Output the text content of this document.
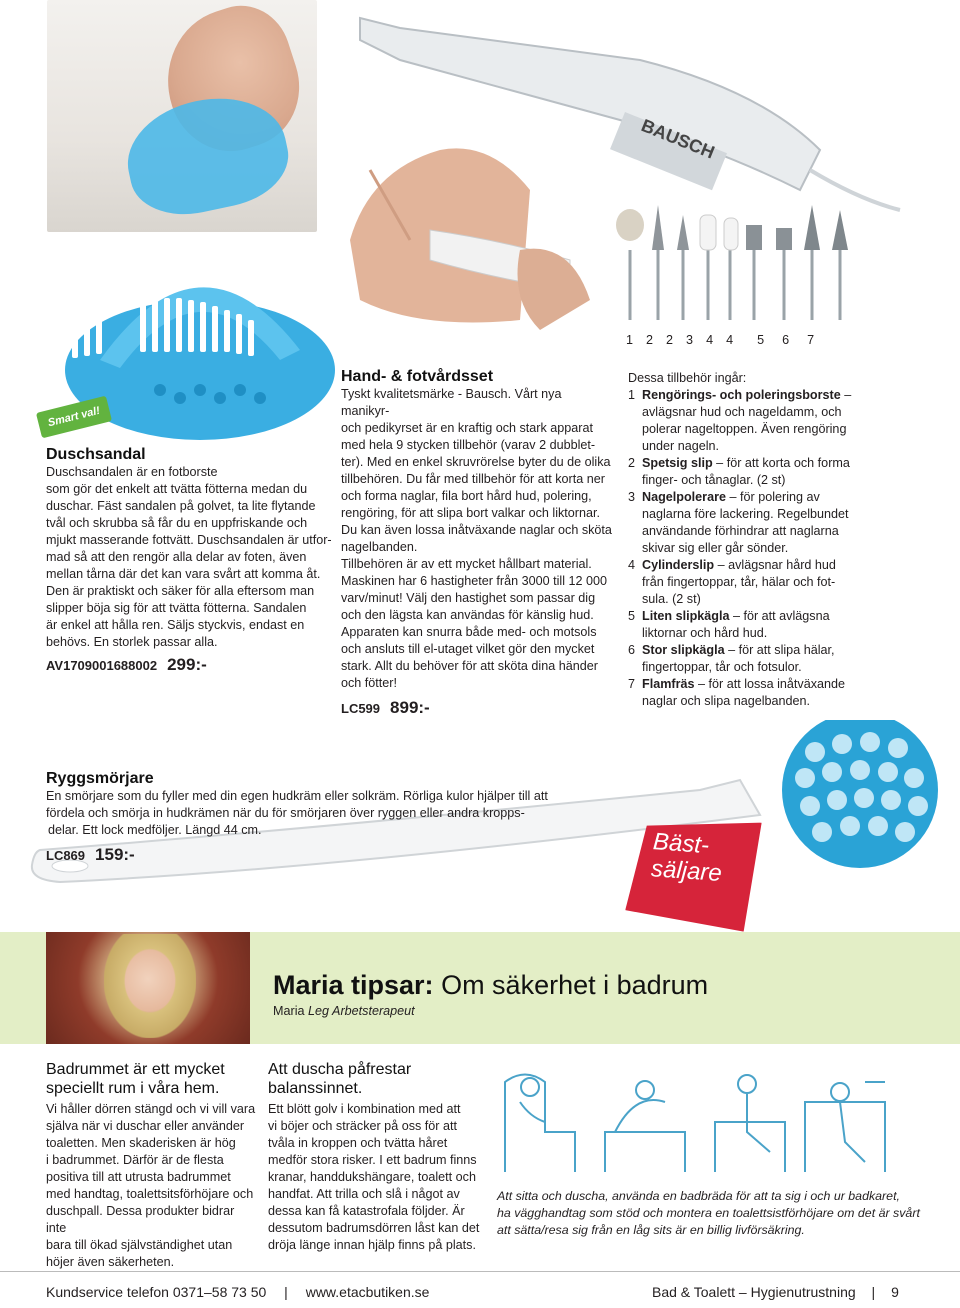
Smart val!
BAUSCH
1 2 2 3 4 4 5 6 7
Duschsandal
Duschsandalen är en fotborste
som gör det enkelt att tvätta fötterna medan du
duschar. Fäst sandalen på golvet, ta lite flytande
tvål och skrubba så får du en uppfriskande och
mjukt masserande fottvätt. Duschsandalen är utfor-
mad så att den rengör alla delar av foten, även
mellan tårna där det kan vara svårt att komma åt.
Den är praktiskt och säker för alla eftersom man
slipper böja sig för att tvätta fötterna. Sandalen
är enkel att hålla ren. Säljs styckvis, endast en
behövs. En storlek passar alla.
AV1709001688002 299:-
Hand- & fotvårdsset
Tyskt kvalitetsmärke - Bausch. Vårt nya manikyr-
och pedikyrset är en kraftig och stark apparat
med hela 9 stycken tillbehör (varav 2 dubblet-
ter). Med en enkel skruvrörelse byter du de olika
tillbehören. Du får med tillbehör för att korta ner
och forma naglar, fila bort hård hud, polering,
rengöring, för att slipa bort valkar och liktornar.
Du kan även lossa inåtväxande naglar och sköta
nagelbanden.
Tillbehören är av ett mycket hållbart material.
Maskinen har 6 hastigheter från 3000 till 12 000
varv/minut! Välj den hastighet som passar dig
och den lägsta kan användas för känslig hud.
Apparaten kan snurra både med- och motsols
och ansluts till el-utaget vilket gör den mycket
stark. Allt du behöver för att sköta dina händer
och fötter!
LC599 899:-
Dessa tillbehör ingår:
1 Rengörings- och poleringsborste –
avlägsnar hud och nageldamm, och
polerar nageltoppen. Även rengöring
under nageln.
2 Spetsig slip – för att korta och forma
finger- och tånaglar. (2 st)
3 Nagelpolerare – för polering av
naglarna före lackering. Regelbundet
användande förhindrar att naglarna
skivar sig eller går sönder.
4 Cylinderslip – avlägsnar hård hud
från fingertoppar, tår, hälar och fot-
sula. (2 st)
5 Liten slipkägla – för att avlägsna
liktornar och hård hud.
6 Stor slipkägla – för att slipa hälar,
fingertoppar, tår och fotsulor.
7 Flamfräs – för att lossa inåtväxande
naglar och slipa nagelbanden.
Bäst-
säljare
Ryggsmörjare
En smörjare som du fyller med din egen hudkräm eller solkräm. Rörliga kulor hjälper till att
fördela och smörja in hudkrämen när du för smörjaren över ryggen eller andra kropps-
delar. Ett lock medföljer. Längd 44 cm.
LC869 159:-
Maria tipsar: Om säkerhet i badrum
Maria Leg Arbetsterapeut
Badrummet är ett mycket
speciellt rum i våra hem.
Vi håller dörren stängd och vi vill vara
själva när vi duschar eller använder
toaletten. Men skaderisken är hög
i badrummet. Därför är de flesta
positiva till att utrusta badrummet
med handtag, toalettsitsförhöjare och
duschpall. Dessa produkter bidrar inte
bara till ökad självständighet utan
höjer även säkerheten.
Att duscha påfrestar
balanssinnet.
Ett blött golv i kombination med att
vi böjer och sträcker på oss för att
tvåla in kroppen och tvätta håret
medför stora risker. I ett badrum finns
kranar, handdukshängare, toalett och
handfat. Att trilla och slå i något av
dessa kan få katastrofala följder. Är
dessutom badrumsdörren låst kan det
dröja länge innan hjälp finns på plats.
Att sitta och duscha, använda en badbräda för att ta sig i och ur badkaret,
ha vägghandtag som stöd och montera en toalettsistförhöjare om det är svårt
att sätta/resa sig från en låg sits är en billig livförsäkring.
Kundservice telefon 0371–58 73 50 | www.etacbutiken.se	Bad & Toalett – Hygienutrustning | 9
